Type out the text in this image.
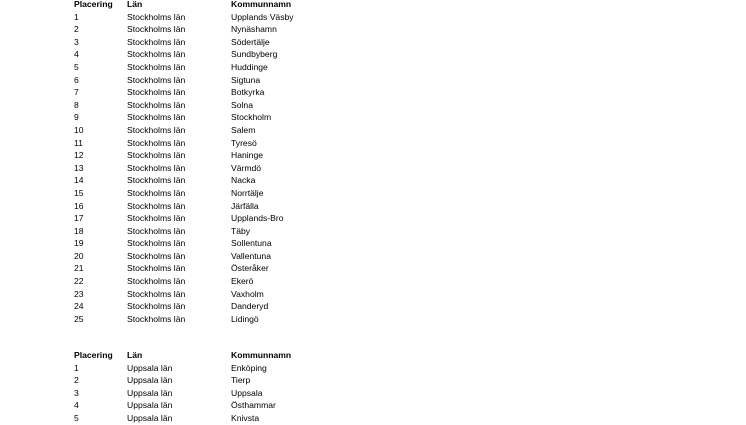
Placering Län	Kommunnamn
1	Stockholms län	Upplands Väsby
2	Stockholms län	Nynäshamn
3	Stockholms län	Södertälje
4	Stockholms län	Sundbyberg
5	Stockholms län	Huddinge
6	Stockholms län	Sigtuna
7	Stockholms län	Botkyrka
8	Stockholms län	Solna
9	Stockholms län	Stockholm
10	Stockholms län	Salem
11	Stockholms län	Tyresö
12	Stockholms län	Haninge
13	Stockholms län	Värmdö
14	Stockholms län	Nacka
15	Stockholms län	Norrtälje
16	Stockholms län	Järfälla
17	Stockholms län	Upplands-Bro
18	Stockholms län	Täby
19	Stockholms län	Sollentuna
20	Stockholms län	Vallentuna
21	Stockholms län	Österåker
22	Stockholms län	Ekerö
23	Stockholms län	Vaxholm
24	Stockholms län	Danderyd
25	Stockholms län	Lidingö
Placering Län	Kommunnamn
1	Uppsala län	Enköping
2	Uppsala län	Tierp
3	Uppsala län	Uppsala
4	Uppsala län	Östhammar
5	Uppsala län	Knivsta
